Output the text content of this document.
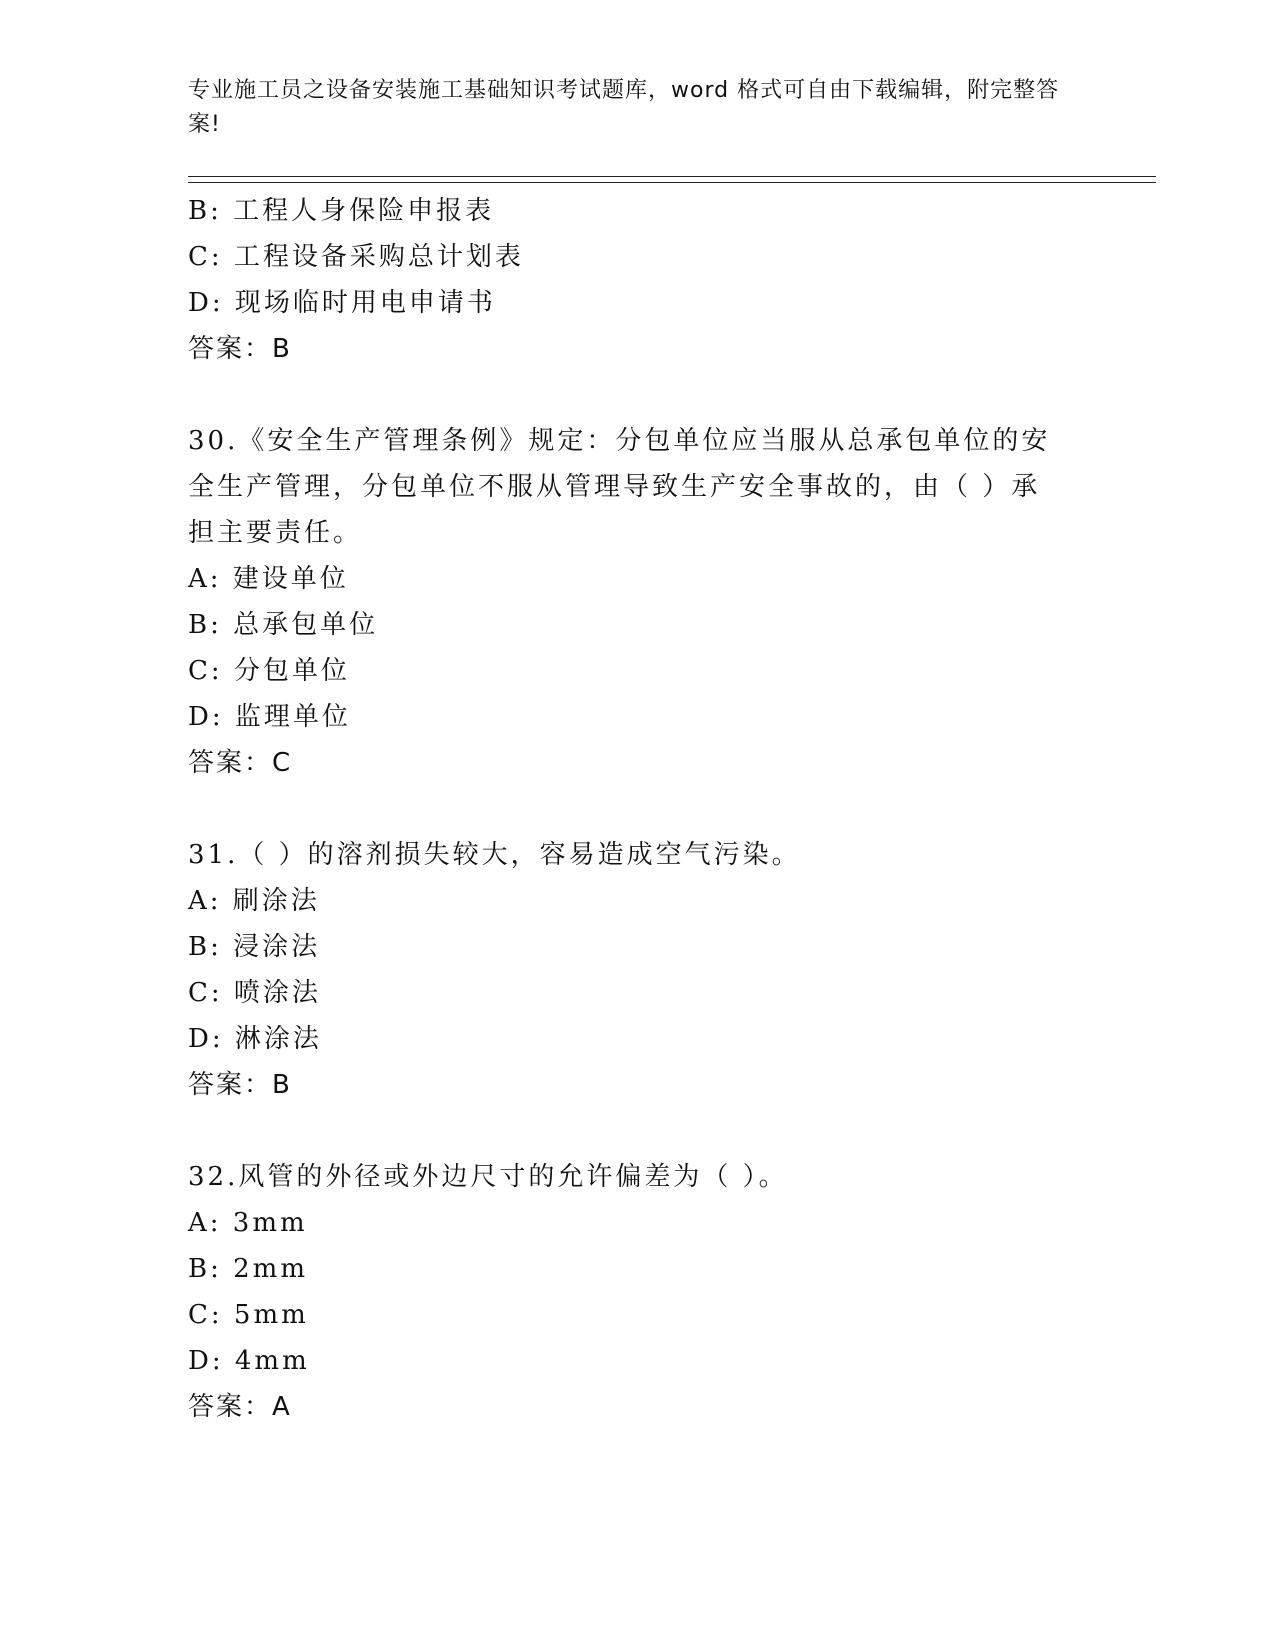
专业施工员之设备安装施工基础知识考试题库，word 格式可自由下载编辑，附完整答案!
B: 工程人身保险申报表
C: 工程设备采购总计划表
D: 现场临时用电申请书
答案：B
30.《安全生产管理条例》规定：分包单位应当服从总承包单位的安全生产管理，分包单位不服从管理导致生产安全事故的，由（ ）承担主要责任。
A: 建设单位
B: 总承包单位
C: 分包单位
D: 监理单位
答案：C
31.（ ）的溶剂损失较大，容易造成空气污染。
A: 刷涂法
B: 浸涂法
C: 喷涂法
D: 淋涂法
答案：B
32.风管的外径或外边尺寸的允许偏差为（ ）。
A: 3mm
B: 2mm
C: 5mm
D: 4mm
答案：A
